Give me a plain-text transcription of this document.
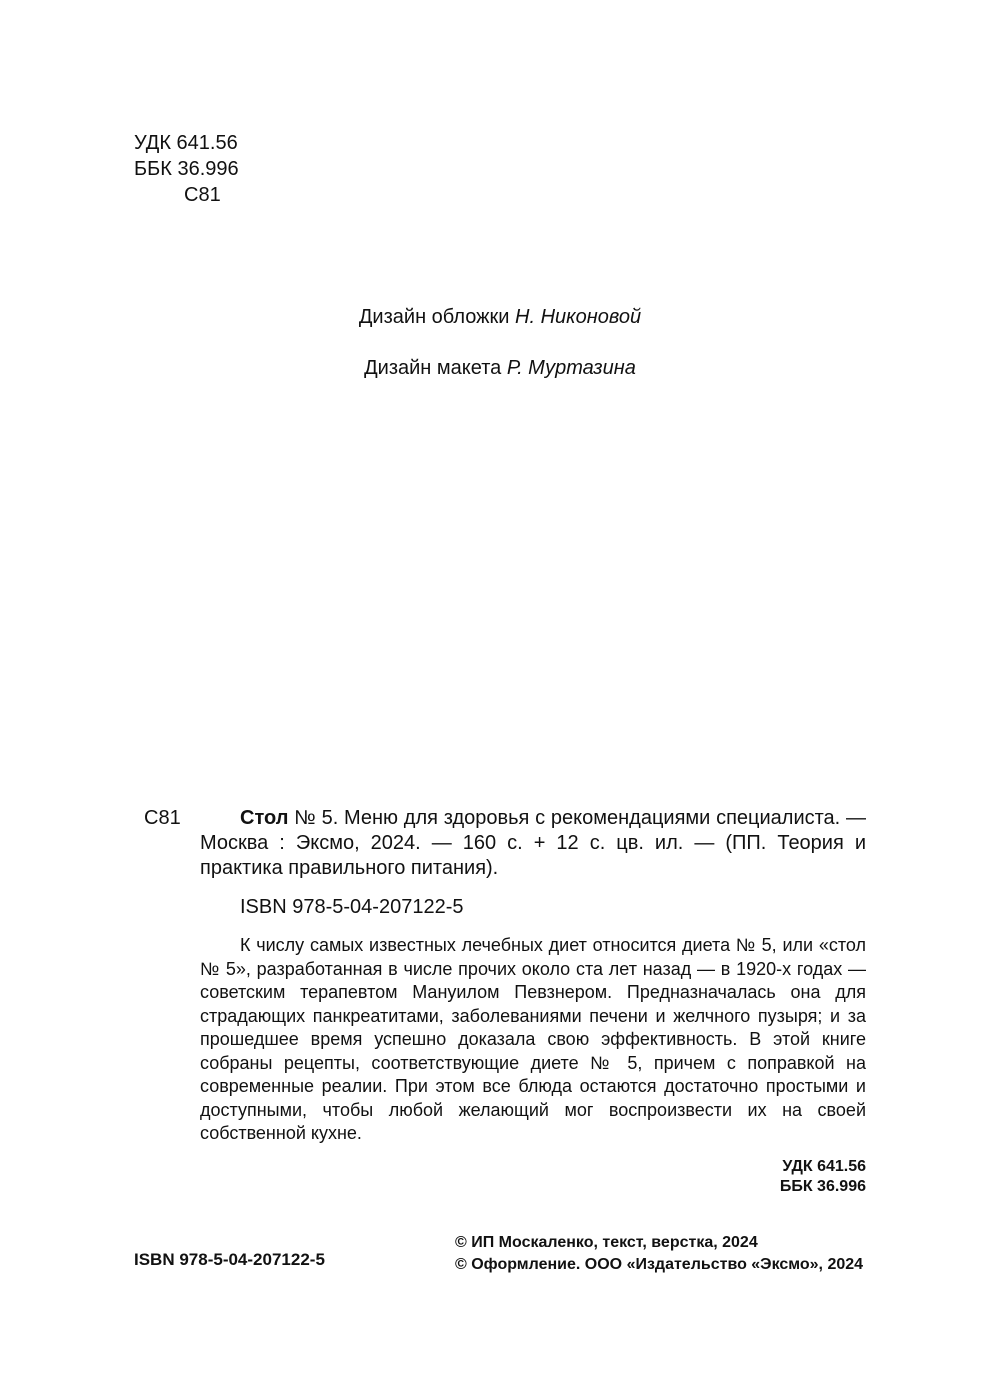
УДК 641.56
ББК 36.996
С81
Дизайн обложки Н. Никоновой
Дизайн макета Р. Муртазина
С81	Стол № 5. Меню для здоровья с рекомендациями специалиста. — Москва : Эксмо, 2024. — 160 с. + 12 с. цв. ил. — (ПП. Теория и практика правильного питания).
ISBN 978-5-04-207122-5

К числу самых известных лечебных диет относится диета № 5, или «стол № 5», разработанная в числе прочих около ста лет назад — в 1920-х годах — советским терапевтом Мануилом Певзнером. Предназначалась она для страдающих панкреатитами, заболеваниями печени и желчного пузыря; и за прошедшее время успешно доказала свою эффективность. В этой книге собраны рецепты, соответствующие диете № 5, причем с поправкой на современные реалии. При этом все блюда остаются достаточно простыми и доступными, чтобы любой желающий мог воспроизвести их на своей собственной кухне.

УДК 641.56
ББК 36.996
ISBN 978-5-04-207122-5
© ИП Москаленко, текст, верстка, 2024
© Оформление. ООО «Издательство «Эксмо», 2024
